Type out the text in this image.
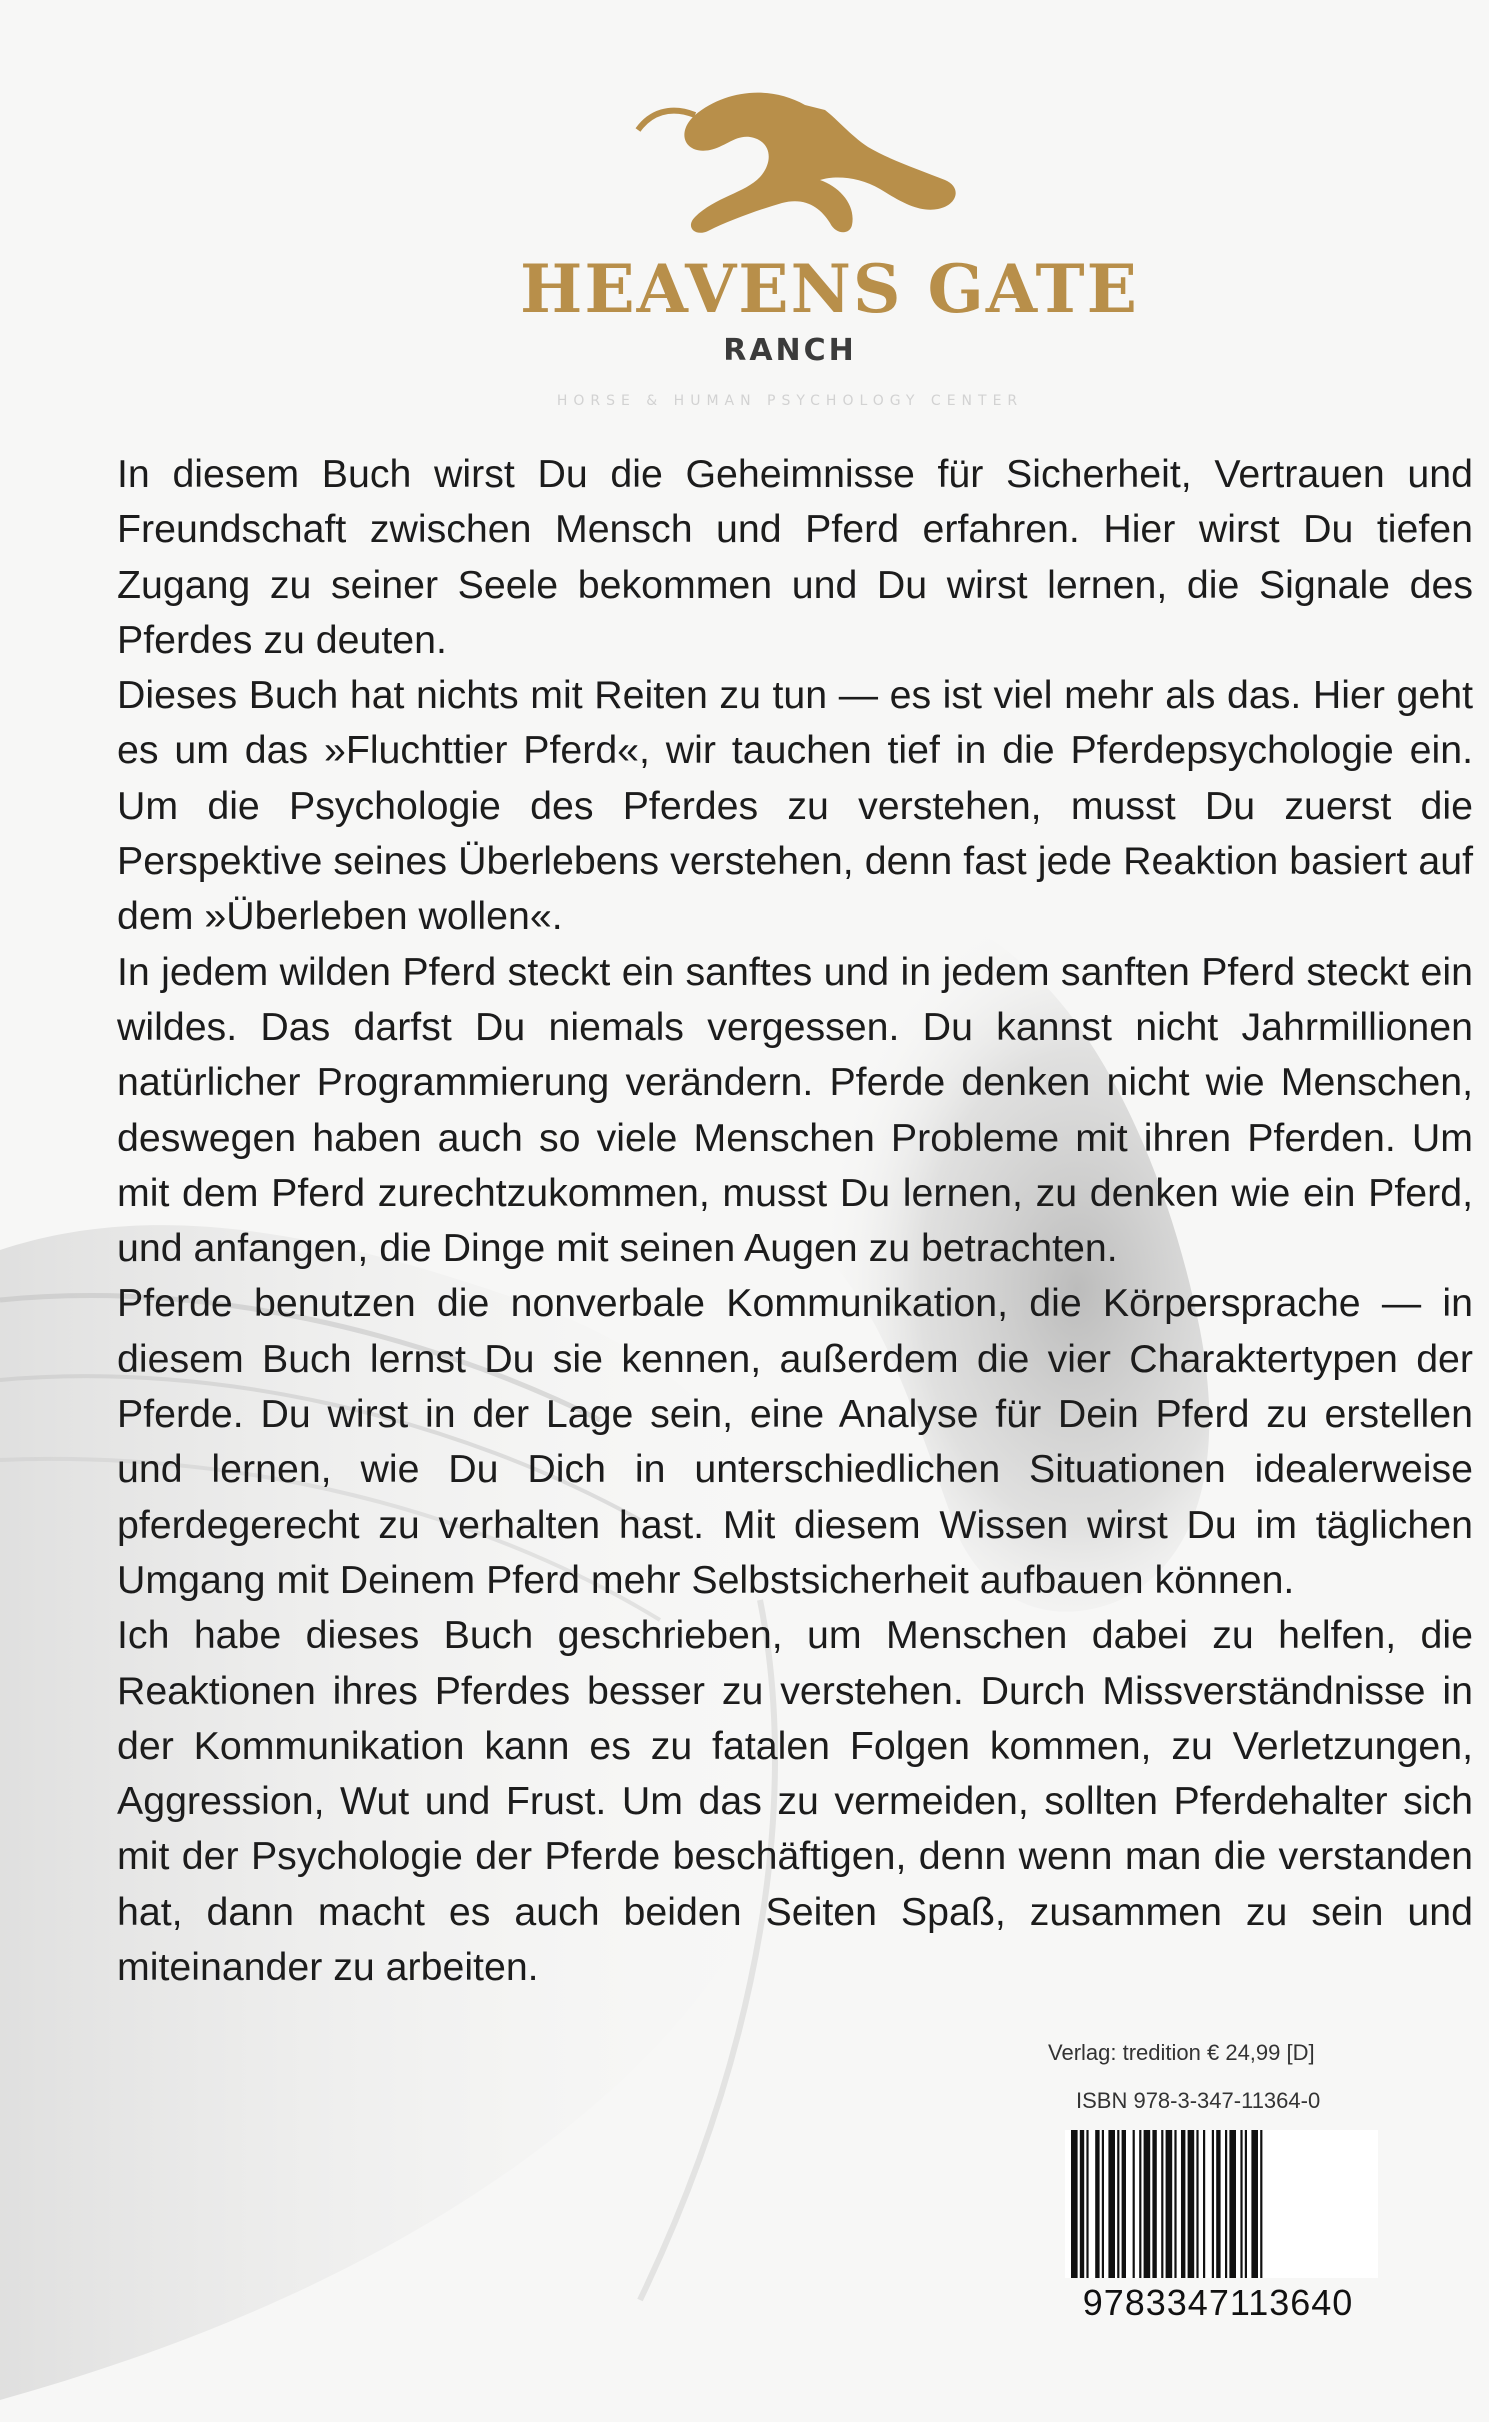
HEAVENS GATE
RANCH
HORSE & HUMAN PSYCHOLOGY CENTER

In diesem Buch wirst Du die Geheimnisse für Sicherheit, Vertrauen und Freundschaft zwischen Mensch und Pferd erfahren. Hier wirst Du tiefen Zugang zu seiner Seele bekommen und Du wirst lernen, die Signale des Pferdes zu deuten.

Dieses Buch hat nichts mit Reiten zu tun — es ist viel mehr als das. Hier geht es um das »Fluchttier Pferd«, wir tauchen tief in die Pferdepsychologie ein. Um die Psychologie des Pferdes zu verstehen, musst Du zuerst die Perspektive seines Überlebens verstehen, denn fast jede Reaktion basiert auf dem »Überleben wollen«.

In jedem wilden Pferd steckt ein sanftes und in jedem sanften Pferd steckt ein wildes. Das darfst Du niemals vergessen. Du kannst nicht Jahrmillionen natürlicher Programmierung verändern. Pferde denken nicht wie Menschen, deswegen haben auch so viele Menschen Probleme mit ihren Pferden. Um mit dem Pferd zurechtzukommen, musst Du lernen, zu denken wie ein Pferd, und anfangen, die Dinge mit seinen Augen zu betrachten.

Pferde benutzen die nonverbale Kommunikation, die Körpersprache — in diesem Buch lernst Du sie kennen, außerdem die vier Charaktertypen der Pferde. Du wirst in der Lage sein, eine Analyse für Dein Pferd zu erstellen und lernen, wie Du Dich in unterschiedlichen Situationen idealerweise pferdegerecht zu verhalten hast. Mit diesem Wissen wirst Du im täglichen Umgang mit Deinem Pferd mehr Selbstsicherheit aufbauen können.

Ich habe dieses Buch geschrieben, um Menschen dabei zu helfen, die Reaktionen ihres Pferdes besser zu verstehen. Durch Missverständnisse in der Kommunikation kann es zu fatalen Folgen kommen, zu Verletzungen, Aggression, Wut und Frust. Um das zu vermeiden, sollten Pferdehalter sich mit der Psychologie der Pferde beschäftigen, denn wenn man die verstanden hat, dann macht es auch beiden Seiten Spaß, zusammen zu sein und miteinander zu arbeiten.

Verlag: tredition € 24,99 [D]
ISBN 978-3-347-11364-0
9783347113640
